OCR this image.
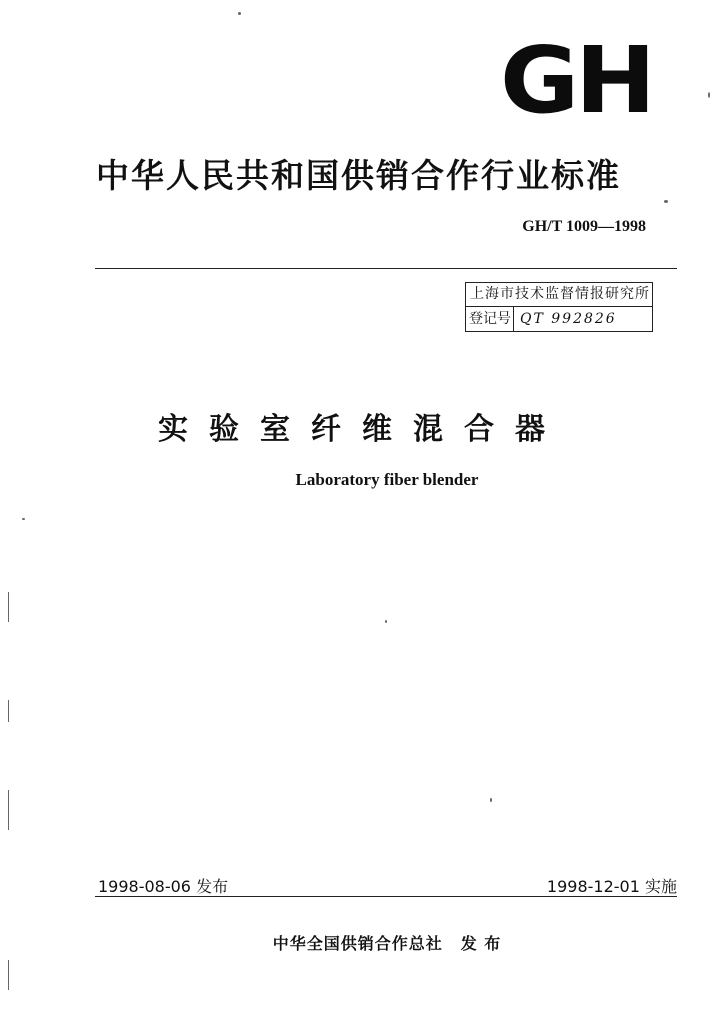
GH
中华人民共和国供销合作行业标准
GH/T 1009—1998
上海市技术监督情报研究所
登记号 QT 992826
实验室纤维混合器
Laboratory fiber blender
1998-08-06 发布	1998-12-01 实施
中华全国供销合作总社 发 布
